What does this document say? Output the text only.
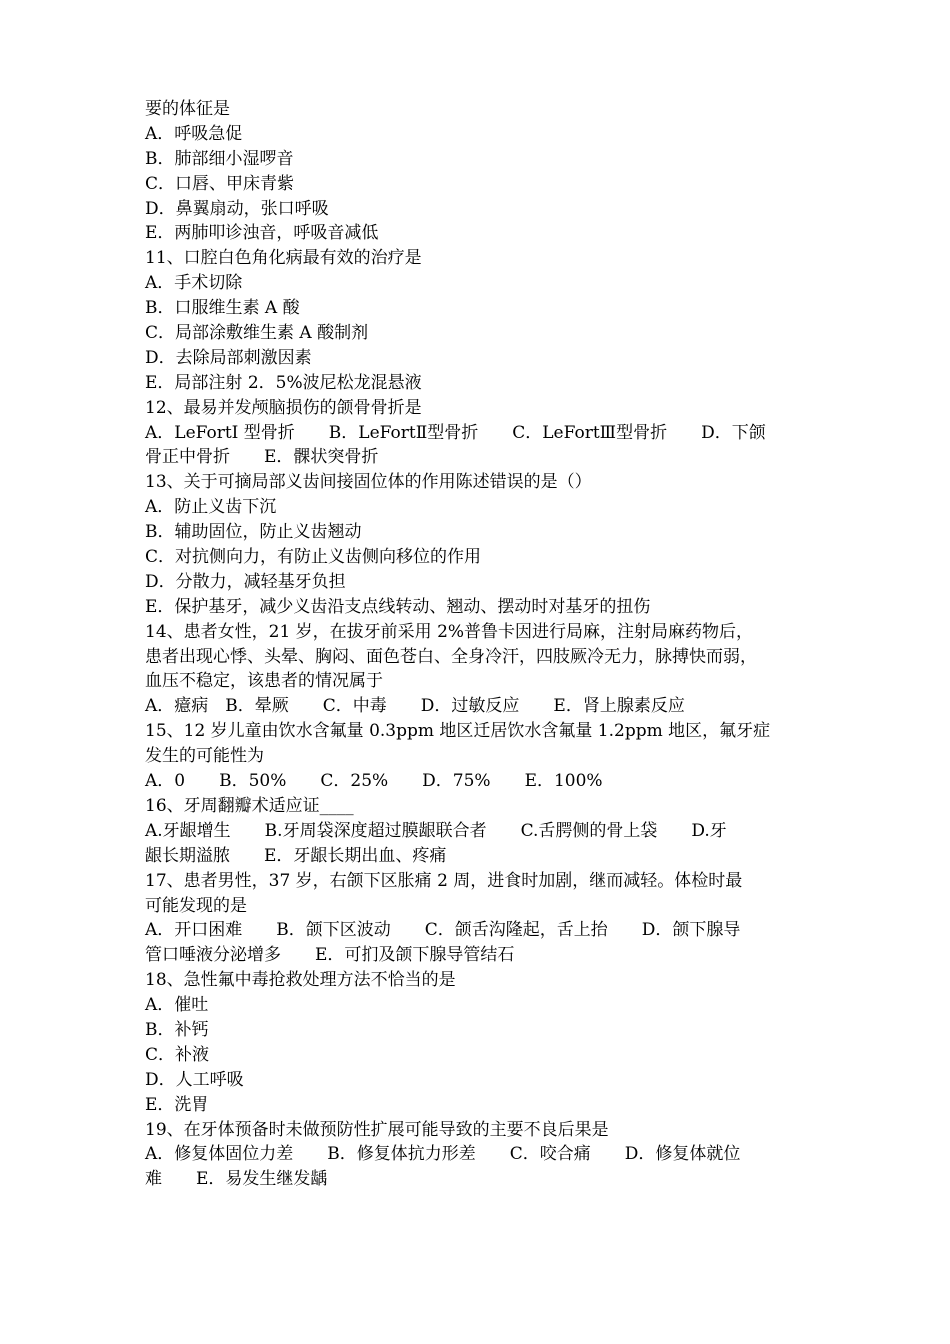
要的体征是
A．呼吸急促
B．肺部细小湿啰音
C．口唇、甲床青紫
D．鼻翼扇动，张口呼吸
E．两肺叩诊浊音，呼吸音减低
11、口腔白色角化病最有效的治疗是
A．手术切除
B．口服维生素 A 酸
C．局部涂敷维生素 A 酸制剂
D．去除局部刺激因素
E．局部注射 2．5%波尼松龙混悬液
12、最易并发颅脑损伤的颌骨骨折是
A．LeFortI 型骨折　　B．LeFortⅡ型骨折　　C．LeFortⅢ型骨折　　D．下颌
骨正中骨折　　E．髁状突骨折
13、关于可摘局部义齿间接固位体的作用陈述错误的是（）
A．防止义齿下沉
B．辅助固位，防止义齿翘动
C．对抗侧向力，有防止义齿侧向移位的作用
D．分散力，减轻基牙负担
E．保护基牙，减少义齿沿支点线转动、翘动、摆动时对基牙的扭伤
14、患者女性，21 岁，在拔牙前采用 2%普鲁卡因进行局麻，注射局麻药物后，
患者出现心悸、头晕、胸闷、面色苍白、全身冷汗，四肢厥冷无力，脉搏快而弱，
血压不稳定，该患者的情况属于
A．癔病　B．晕厥　　C．中毒　　D．过敏反应　　E．肾上腺素反应
15、12 岁儿童由饮水含氟量 0.3ppm 地区迁居饮水含氟量 1.2ppm 地区，氟牙症
发生的可能性为
A．0　　B．50%　　C．25%　　D．75%　　E．100%
16、牙周翻瓣术适应证____
A.牙龈增生　　B.牙周袋深度超过膜龈联合者　　C.舌腭侧的骨上袋　　D.牙
龈长期溢脓　　E．牙龈长期出血、疼痛
17、患者男性，37 岁，右颌下区胀痛 2 周，进食时加剧，继而减轻。体检时最
可能发现的是
A．开口困难　　B．颌下区波动　　C．颌舌沟隆起，舌上抬　　D．颌下腺导
管口唾液分泌增多　　E．可扪及颌下腺导管结石
18、急性氟中毒抢救处理方法不恰当的是
A．催吐
B．补钙
C．补液
D．人工呼吸
E．洗胃
19、在牙体预备时未做预防性扩展可能导致的主要不良后果是
A．修复体固位力差　　B．修复体抗力形差　　C．咬合痛　　D．修复体就位
难　　E．易发生继发龋
